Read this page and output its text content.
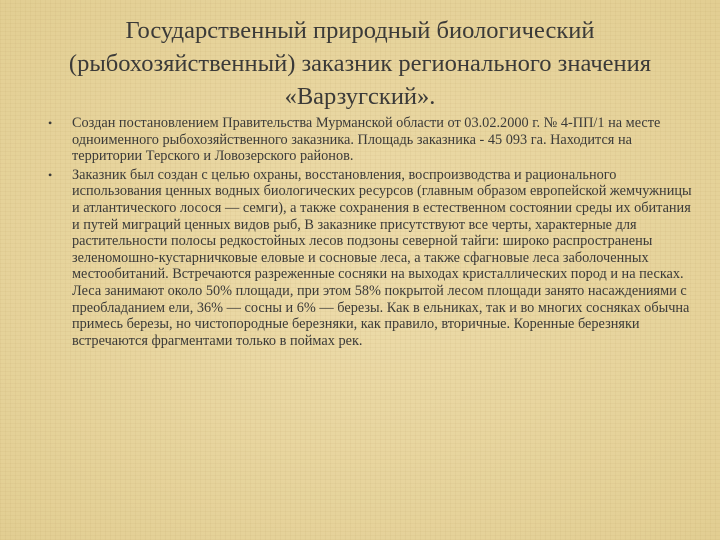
Государственный природный биологический (рыбохозяйственный) заказник регионального значения «Варзугский».
• Создан постановлением Правительства Мурманской области от 03.02.2000 г. № 4-ПП/1 на месте одноименного рыбохозяйственного заказника. Площадь заказника - 45 093 га. Находится на территории Терского и Ловозерского районов.
• Заказник был создан с целью охраны, восстановления, воспроизводства и рационального использования ценных водных биологических ресурсов (главным образом европейской жемчужницы и атлантического лосося — семги), а также сохранения в естественном состоянии среды их обитания и путей миграций ценных видов рыб, В заказнике присутствуют все черты, характерные для растительности полосы редкостойных лесов подзоны северной тайги: широко распространены зеленомошно-кустарничковые еловые и сосновые леса, а также сфагновые леса заболоченных местообитаний. Встречаются разреженные сосняки на выходах кристаллических пород и на песках. Леса занимают около 50% площади, при этом 58% покрытой лесом площади занято насаждениями с преобладанием ели, 36% — сосны и 6% — березы. Как в ельниках, так и во многих сосняках обычна примесь березы, но чистопородные березняки, как правило, вторичные. Коренные березняки встречаются фрагментами только в поймах рек.
